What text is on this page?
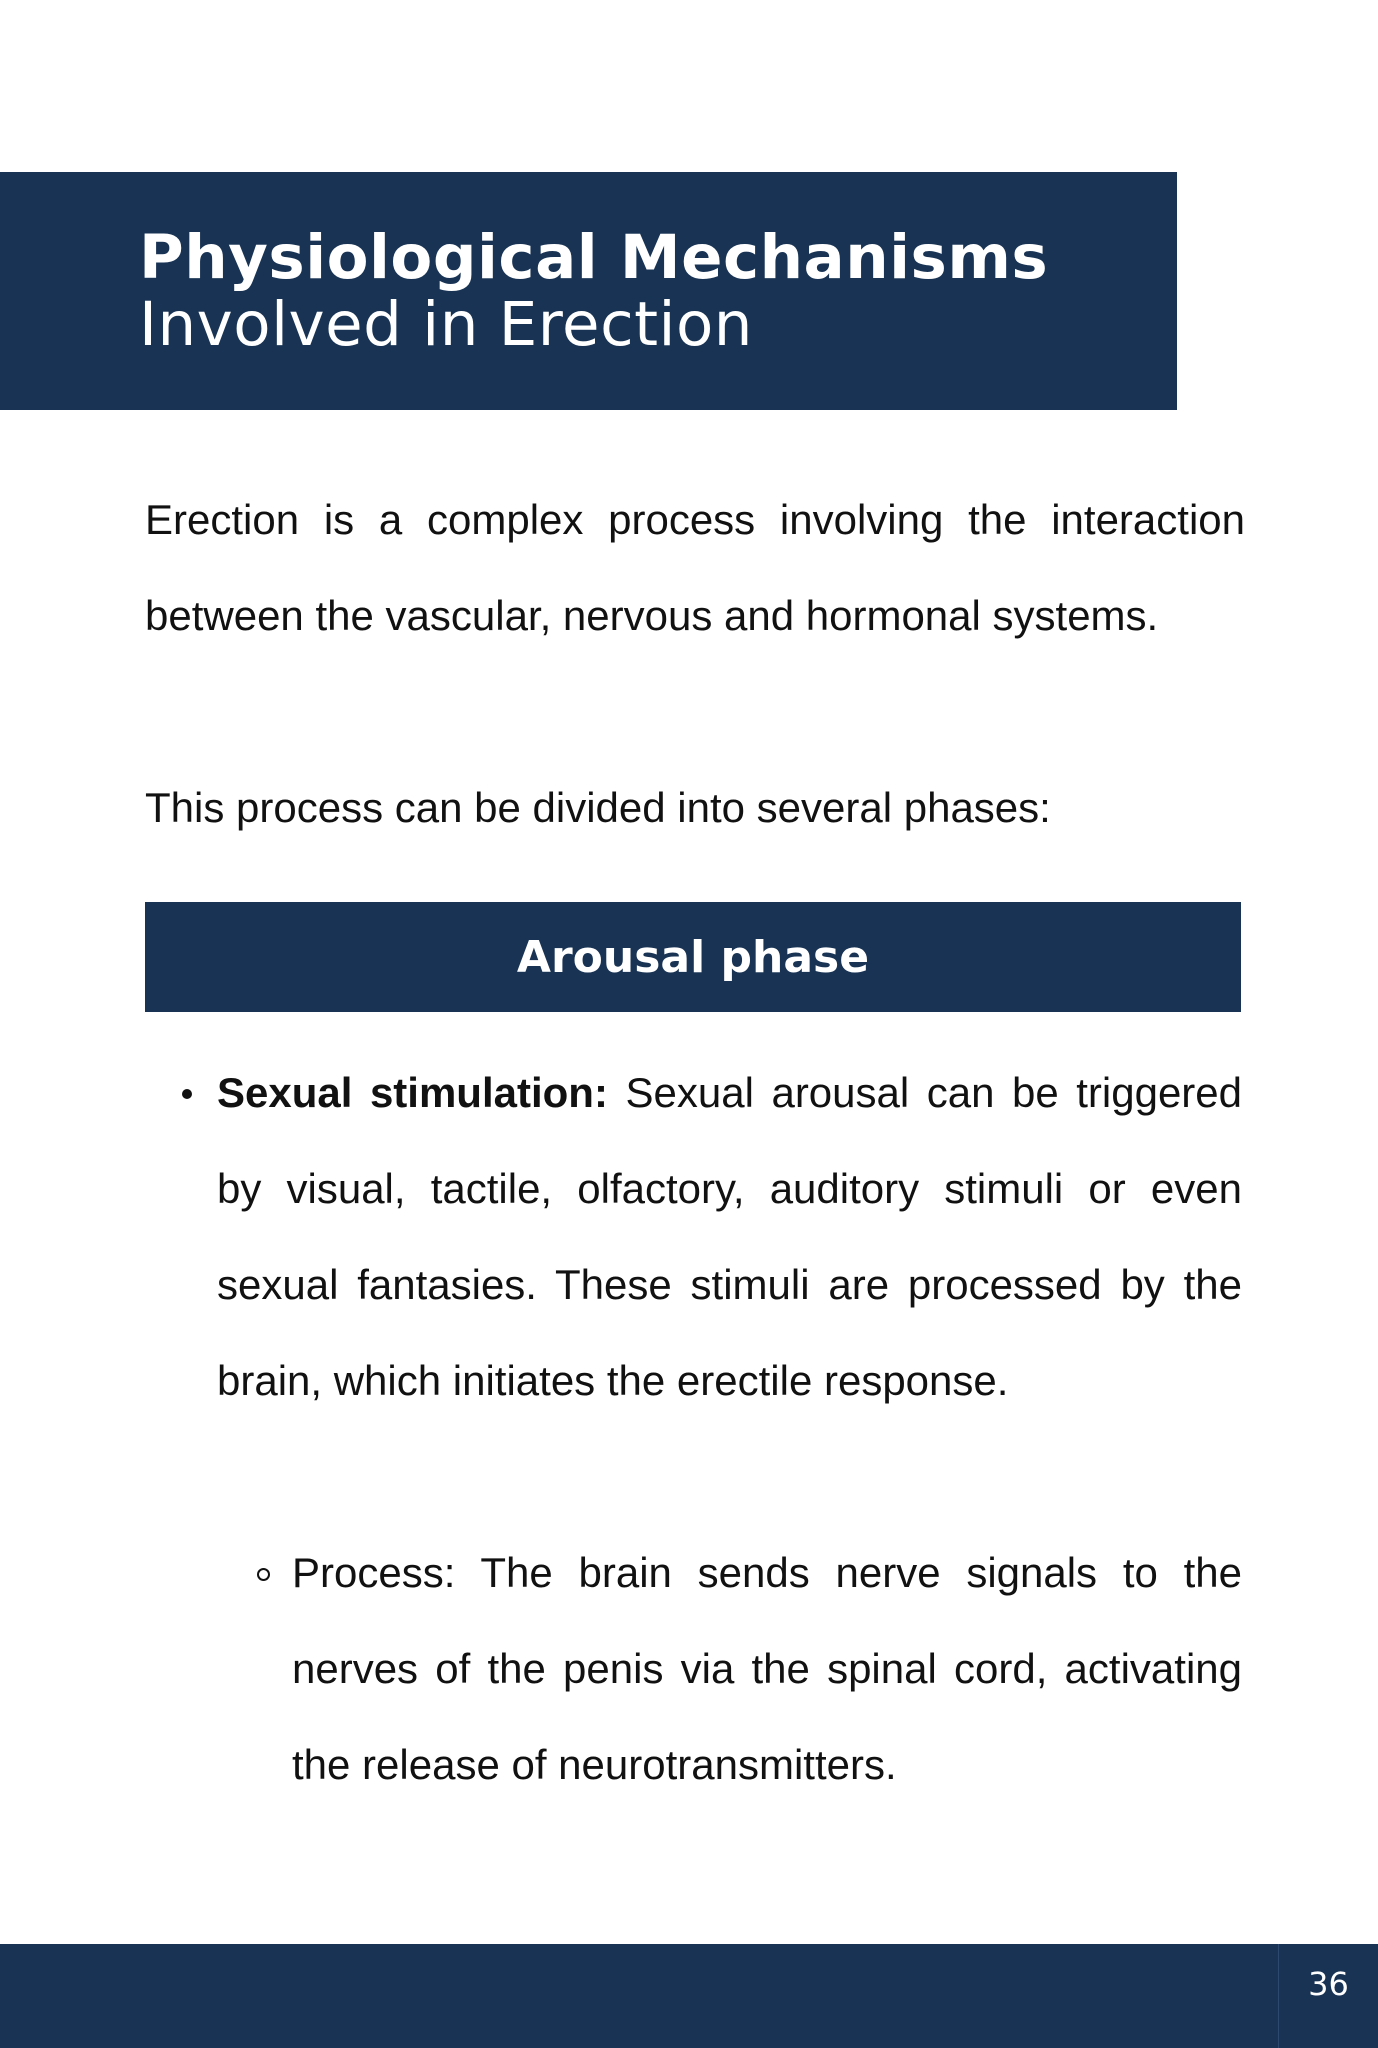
Physiological Mechanisms
Involved in Erection

Erection is a complex process involving the interaction between the vascular, nervous and hormonal systems.

This process can be divided into several phases:

Arousal phase

Sexual stimulation: Sexual arousal can be triggered by visual, tactile, olfactory, auditory stimuli or even sexual fantasies. These stimuli are processed by the brain, which initiates the erectile response.

Process: The brain sends nerve signals to the nerves of the penis via the spinal cord, activating the release of neurotransmitters.

36
